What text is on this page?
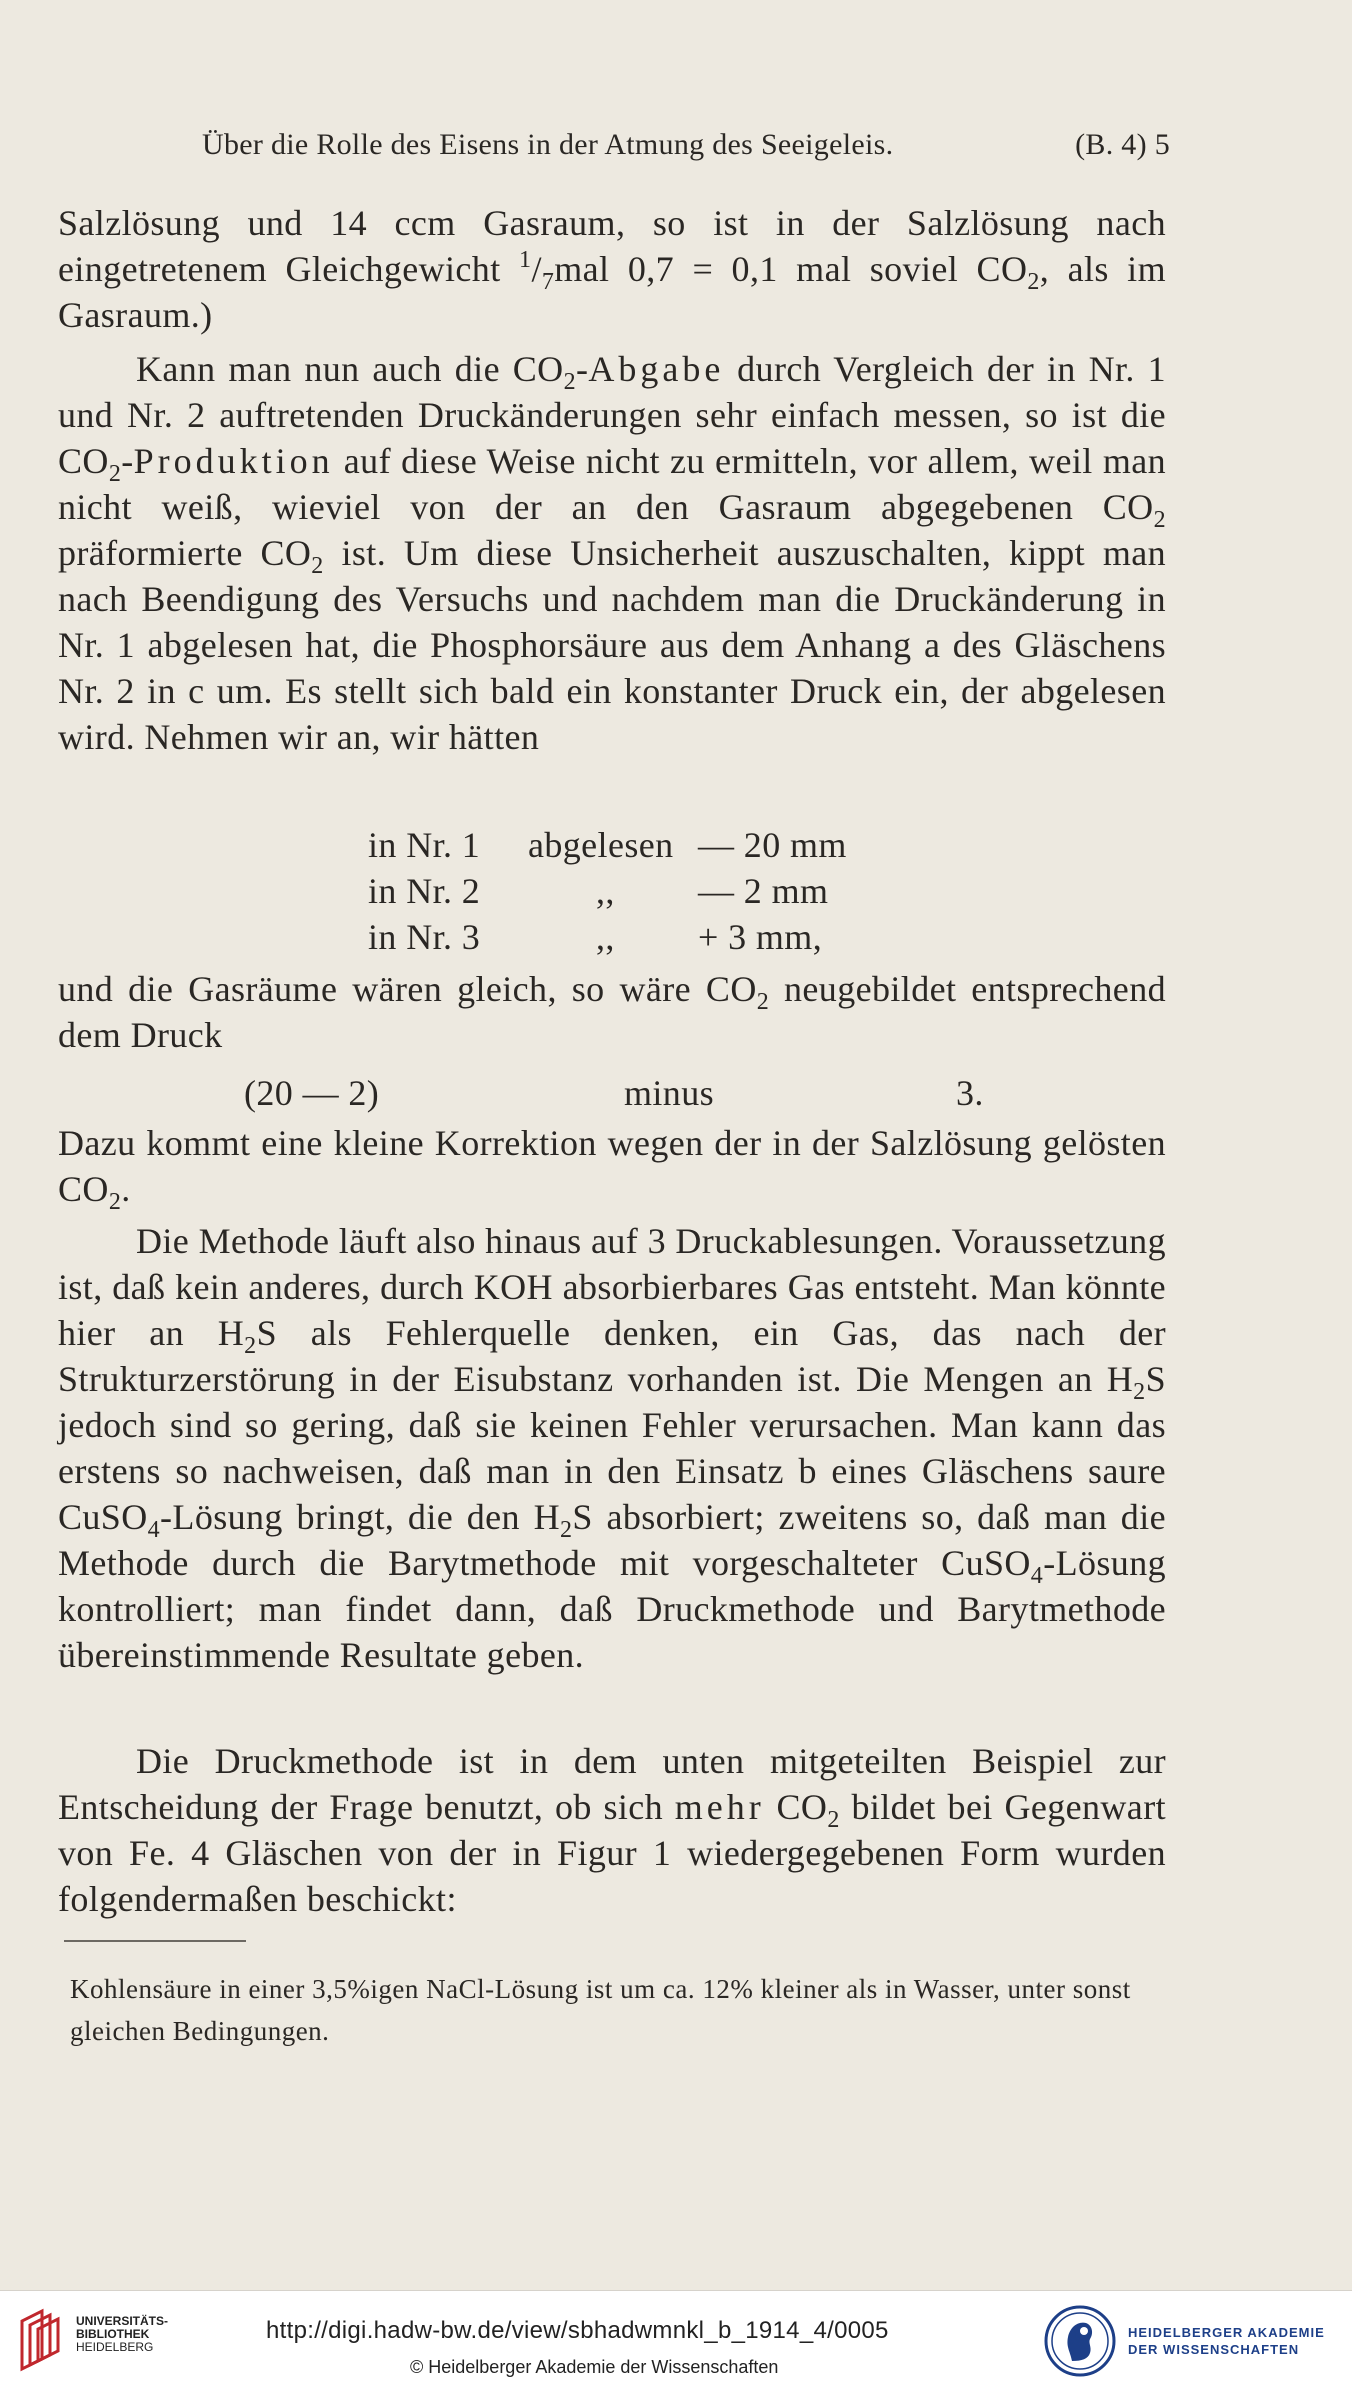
Über die Rolle des Eisens in der Atmung des Seeigeleis.	(B. 4) 5
Salzlösung und 14 ccm Gasraum, so ist in der Salzlösung nach eingetretenem Gleichgewicht $^1/_7mal$ 0,7 = 0,1 mal soviel $CO_2$, als im Gasraum.)
Kann man nun auch die $CO_2$-Abgabe durch Vergleich der in Nr. 1 und Nr. 2 auftretenden Druckänderungen sehr einfach messen, so ist die $CO_2$-Produktion auf diese Weise nicht zu ermitteln, vor allem, weil man nicht weiß, wieviel von der an den Gasraum abgegebenen $CO_2$ präformierte $CO_2$ ist. Um diese Unsicherheit auszuschalten, kippt man nach Beendigung des Versuchs und nachdem man die Druckänderung in Nr. 1 abgelesen hat, die Phosphorsäure aus dem Anhang a des Gläschens Nr. 2 in c um. Es stellt sich bald ein konstanter Druck ein, der abgelesen wird. Nehmen wir an, wir hätten
in Nr. 1 abgelesen — 20 mm
in Nr. 2	,, — 2 mm
in Nr. 3	,, + 3 mm,
und die Gasräume wären gleich, so wäre $CO_2$ neugebildet entsprechend dem Druck
(20 — 2)	minus	3.
Dazu kommt eine kleine Korrektion wegen der in der Salzlösung gelösten $CO_2$.
Die Methode läuft also hinaus auf 3 Druckablesungen. Voraussetzung ist, daß kein anderes, durch KOH absorbierbares Gas entsteht. Man könnte hier an $H_2S$ als Fehlerquelle denken, ein Gas, das nach der Strukturzerstörung in der Eisubstanz vorhanden ist. Die Mengen an $H_2S$ jedoch sind so gering, daß sie keinen Fehler verursachen. Man kann das erstens so nachweisen, daß man in den Einsatz b eines Gläschens saure CuSO$_4$-Lösung bringt, die den $H_2S$ absorbiert; zweitens so, daß man die Methode durch die Barytmethode mit vorgeschalteter CuSO$_4$-Lösung kontrolliert; man findet dann, daß Druckmethode und Barytmethode übereinstimmende Resultate geben.
Die Druckmethode ist in dem unten mitgeteilten Beispiel zur Entscheidung der Frage benutzt, ob sich mehr $CO_2$ bildet bei Gegenwart von Fe. 4 Gläschen von der in Figur 1 wiedergegebenen Form wurden folgendermaßen beschickt:
Kohlensäure in einer 3,5%igen NaCl-Lösung ist um ca. 12% kleiner als in Wasser, unter sonst gleichen Bedingungen.
UNIVERSITÄTS-
BIBLIOTHEK
HEIDELBERG
http://digi.hadw-bw.de/view/sbhadwmnkl_b_1914_4/0005
© Heidelberger Akademie der Wissenschaften
HEIDELBERGER AKADEMIE
DER WISSENSCHAFTEN
